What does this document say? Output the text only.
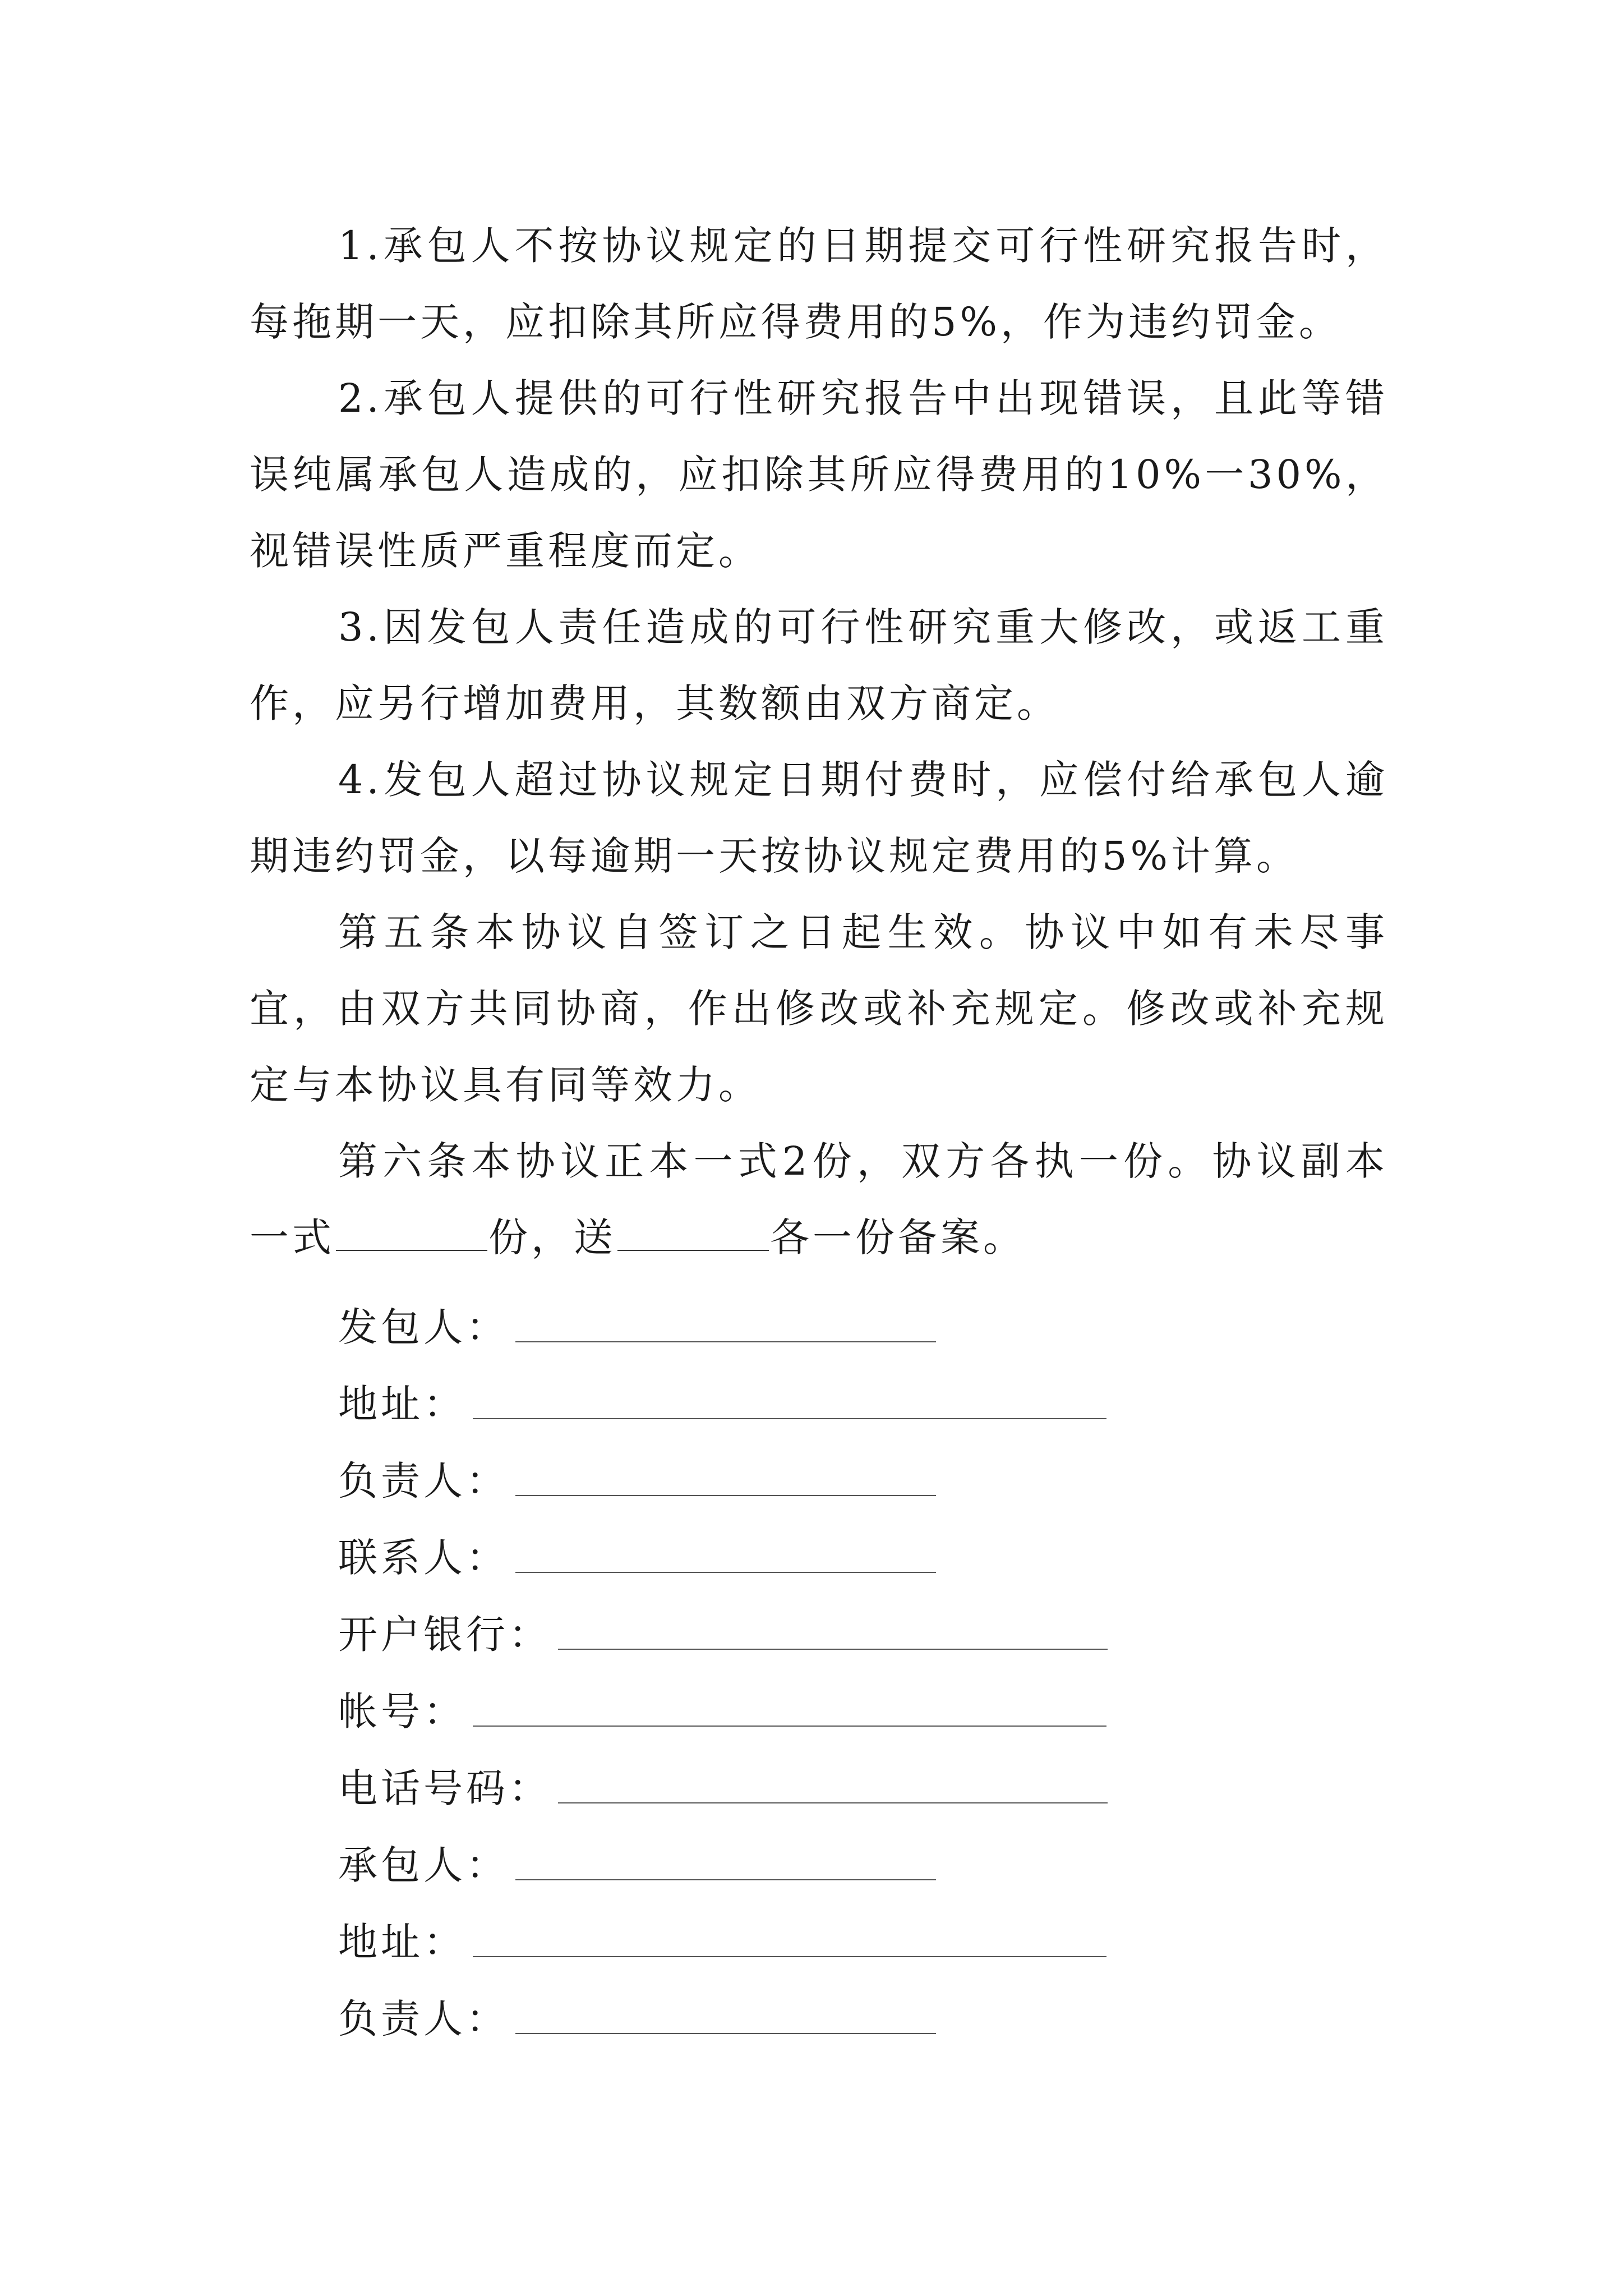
1.承包人不按协议规定的日期提交可行性研究报告时，每拖期一天，应扣除其所应得费用的5%，作为违约罚金。

2.承包人提供的可行性研究报告中出现错误，且此等错误纯属承包人造成的，应扣除其所应得费用的10%一30%，视错误性质严重程度而定。

3.因发包人责任造成的可行性研究重大修改，或返工重作，应另行增加费用，其数额由双方商定。

4.发包人超过协议规定日期付费时，应偿付给承包人逾期违约罚金，以每逾期一天按协议规定费用的5%计算。

第五条本协议自签订之日起生效。协议中如有未尽事宜，由双方共同协商，作出修改或补充规定。修改或补充规定与本协议具有同等效力。

第六条本协议正本一式2份，双方各执一份。协议副本一式	份，送	各一份备案。

发包人：
地址：
负责人：
联系人：
开户银行：
帐号：
电话号码：
承包人：
地址：
负责人：
